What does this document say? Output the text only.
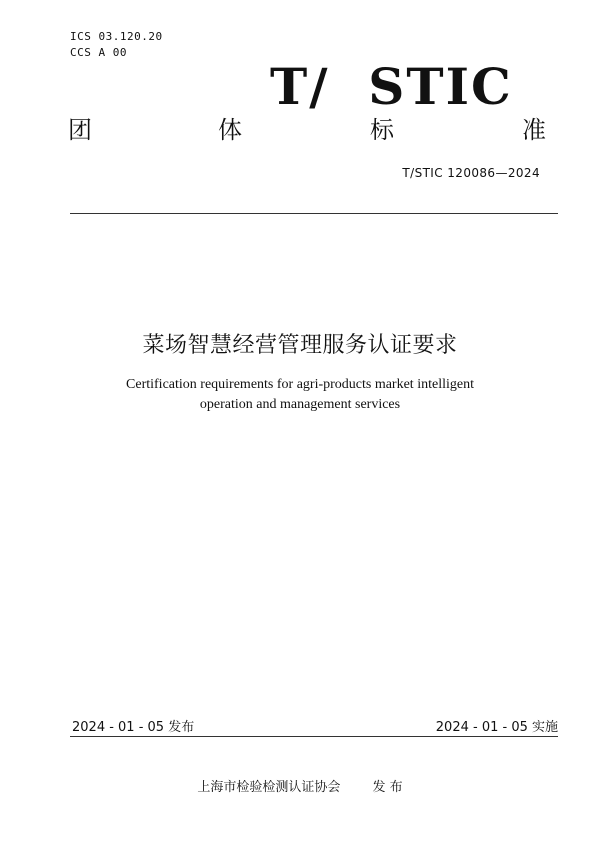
ICS 03.120.20
CCS A 00
T/  STIC
团	体	标	准
T/STIC 120086—2024
菜场智慧经营管理服务认证要求
Certification requirements for agri-products market intelligent
operation and management services
2024 - 01 - 05 发布	2024 - 01 - 05 实施
上海市检验检测认证协会 发 布
